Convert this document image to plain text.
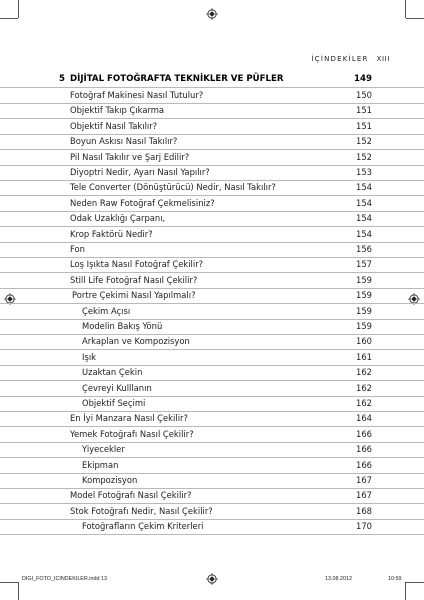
İÇİNDEKİLER XIII
5 DİJİTAL FOTOĞRAFTA TEKNİKLER VE PÜFLER	149
Fotoğraf Makinesi Nasıl Tutulur?	150
Objektif Takıp Çıkarma	151
Objektif Nasıl Takılır?	151
Boyun Askısı Nasıl Takılır?	152
Pil Nasıl Takılır ve Şarj Edilir?	152
Diyoptri Nedir, Ayarı Nasıl Yapılır?	153
Tele Converter (Dönüştürücü) Nedir, Nasıl Takılır?	154
Neden Raw Fotoğraf Çekmelisiniz?	154
Odak Uzaklığı Çarpanı,	154
Krop Faktörü Nedir?	154
Fon	156
Loş Işıkta Nasıl Fotoğraf Çekilir?	157
Still Life Fotoğraf Nasıl Çekilir?	159
Portre Çekimi Nasıl Yapılmalı?	159
Çekim Açısı	159
Modelin Bakış Yönü	159
Arkaplan ve Kompozisyon	160
Işık	161
Uzaktan Çekin	162
Çevreyi Kulllanın	162
Objektif Seçimi	162
En İyi Manzara Nasıl Çekilir?	164
Yemek Fotoğrafı Nasıl Çekilir?	166
Yiyecekler	166
Ekipman	166
Kompozisyon	167
Model Fotoğrafı Nasıl Çekilir?	167
Stok Fotoğrafı Nedir, Nasıl Çekilir?	168
Fotoğrafların Çekim Kriterleri	170
DIGI_FOTO_ICINDEKILER.indd 13	13.08.2012	10:59
